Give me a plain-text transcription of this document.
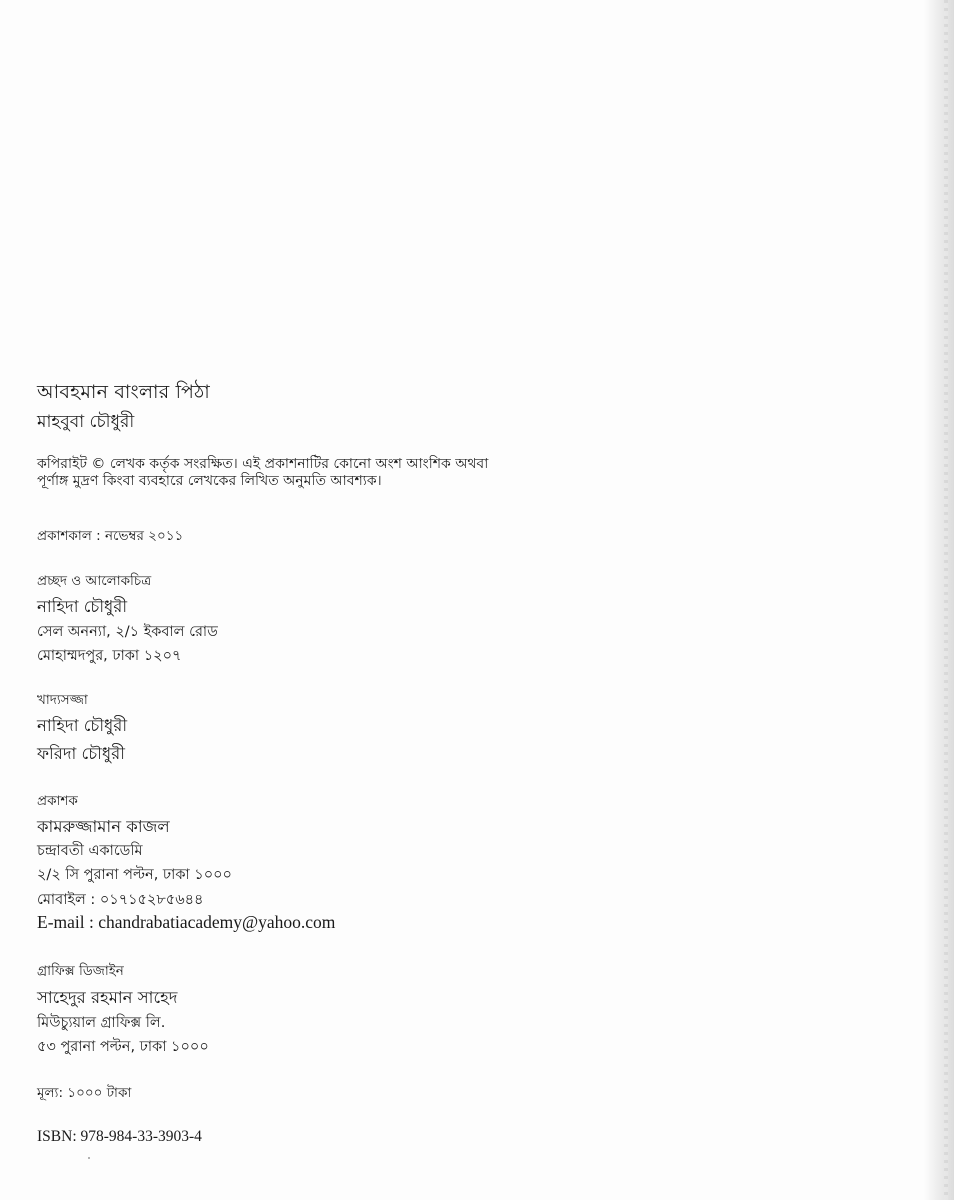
আবহমান বাংলার পিঠা
মাহবুবা চৌধুরী
কপিরাইট © লেখক কর্তৃক সংরক্ষিত। এই প্রকাশনাটির কোনো অংশ আংশিক অথবা
পূর্ণাঙ্গ মুদ্রণ কিংবা ব্যবহারে লেখকের লিখিত অনুমতি আবশ্যক।
প্রকাশকাল : নভেম্বর ২০১১
প্রচ্ছদ ও আলোকচিত্র
নাহিদা চৌধুরী
সেল অনন্যা, ২/১ ইকবাল রোড
মোহাম্মদপুর, ঢাকা ১২০৭
খাদ্যসজ্জা
নাহিদা চৌধুরী
ফরিদা চৌধুরী
প্রকাশক
কামরুজ্জামান কাজল
চন্দ্রাবতী একাডেমি
২/২ সি পুরানা পল্টন, ঢাকা ১০০০
মোবাইল : ০১৭১৫২৮৫৬৪৪
E-mail : chandrabatiacademy@yahoo.com
গ্রাফিক্স ডিজাইন
সাহেদুর রহমান সাহেদ
মিউচ্যুয়াল গ্রাফিক্স লি.
৫৩ পুরানা পল্টন, ঢাকা ১০০০
মূল্য: ১০০০ টাকা
ISBN: 978-984-33-3903-4
